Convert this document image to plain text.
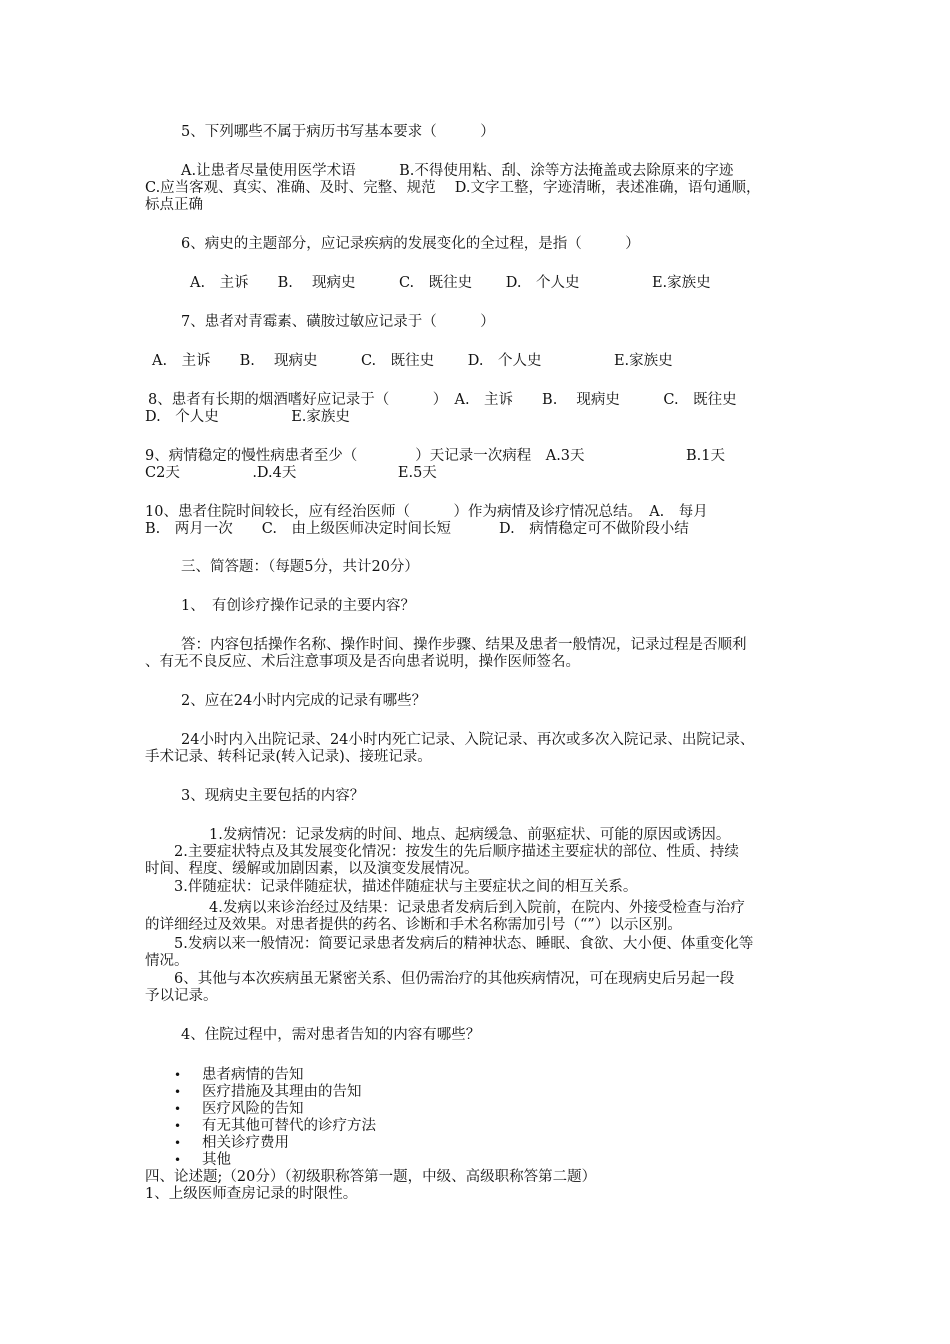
5、下列哪些不属于病历书写基本要求（　　　）
A.让患者尽量使用医学术语　　　B.不得使用粘、刮、涂等方法掩盖或去除原来的字迹
C.应当客观、真实、准确、及时、完整、规范　 D.文字工整，字迹清晰，表述准确，语句通顺，
标点正确
6、病史的主题部分，应记录疾病的发展变化的全过程，是指（　　　）
A.　主诉　　B.　 现病史　　　C.　既往史　　 D.　个人史　　　　　E.家族史
7、患者对青霉素、磺胺过敏应记录于（　　　）
A.　主诉　　B.　 现病史　　　C.　既往史　　 D.　个人史　　　　　E.家族史
8、患者有长期的烟酒嗜好应记录于（　　　）　A.　主诉　　B.　 现病史　　　C.　既往史
D.　个人史　　　　　E.家族史
9、病情稳定的慢性病患者至少（　　　　）天记录一次病程　A.3天　　　　　　　B.1天
C2天　　　　　.D.4天　　　　　　　E.5天
10、患者住院时间较长，应有经治医师（　　　）作为病情及诊疗情况总结。　A.　每月
B.　两月一次　　C.　由上级医师决定时间长短　　　 D.　病情稳定可不做阶段小结
三、简答题：（每题5分，共计20分）
1、　有创诊疗操作记录的主要内容？
答：内容包括操作名称、操作时间、操作步骤、结果及患者一般情况，记录过程是否顺利
、有无不良反应、术后注意事项及是否向患者说明，操作医师签名。
2、应在24小时内完成的记录有哪些？
24小时内入出院记录、24小时内死亡记录、入院记录、再次或多次入院记录、出院记录、
手术记录、转科记录(转入记录)、接班记录。
3、现病史主要包括的内容？
1.发病情况：记录发病的时间、地点、起病缓急、前驱症状、可能的原因或诱因。
2.主要症状特点及其发展变化情况：按发生的先后顺序描述主要症状的部位、性质、持续
时间、程度、缓解或加剧因素，以及演变发展情况。
3.伴随症状：记录伴随症状，描述伴随症状与主要症状之间的相互关系。
4.发病以来诊治经过及结果：记录患者发病后到入院前，在院内、外接受检查与治疗
的详细经过及效果。对患者提供的药名、诊断和手术名称需加引号（“”）以示区别。
5.发病以来一般情况：简要记录患者发病后的精神状态、睡眠、食欲、大小便、体重变化等
情况。
6、其他与本次疾病虽无紧密关系、但仍需治疗的其他疾病情况，可在现病史后另起一段
予以记录。
4、住院过程中，需对患者告知的内容有哪些？
• 患者病情的告知
• 医疗措施及其理由的告知
• 医疗风险的告知
• 有无其他可替代的诊疗方法
• 相关诊疗费用
• 其他
四、论述题;（20分）（初级职称答第一题，中级、高级职称答第二题）
1、上级医师查房记录的时限性。
